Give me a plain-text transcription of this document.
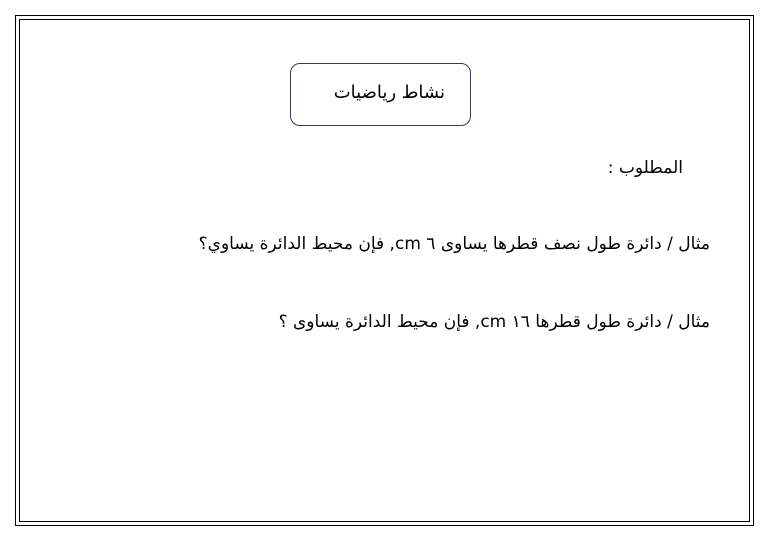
نشاط رياضيات
المطلوب :
مثال / دائرة طول نصف قطرها يساوى ٦ cm, فإن محيط الدائرة يساوي؟
مثال / دائرة طول قطرها ١٦ cm, فإن محيط الدائرة يساوى ؟
